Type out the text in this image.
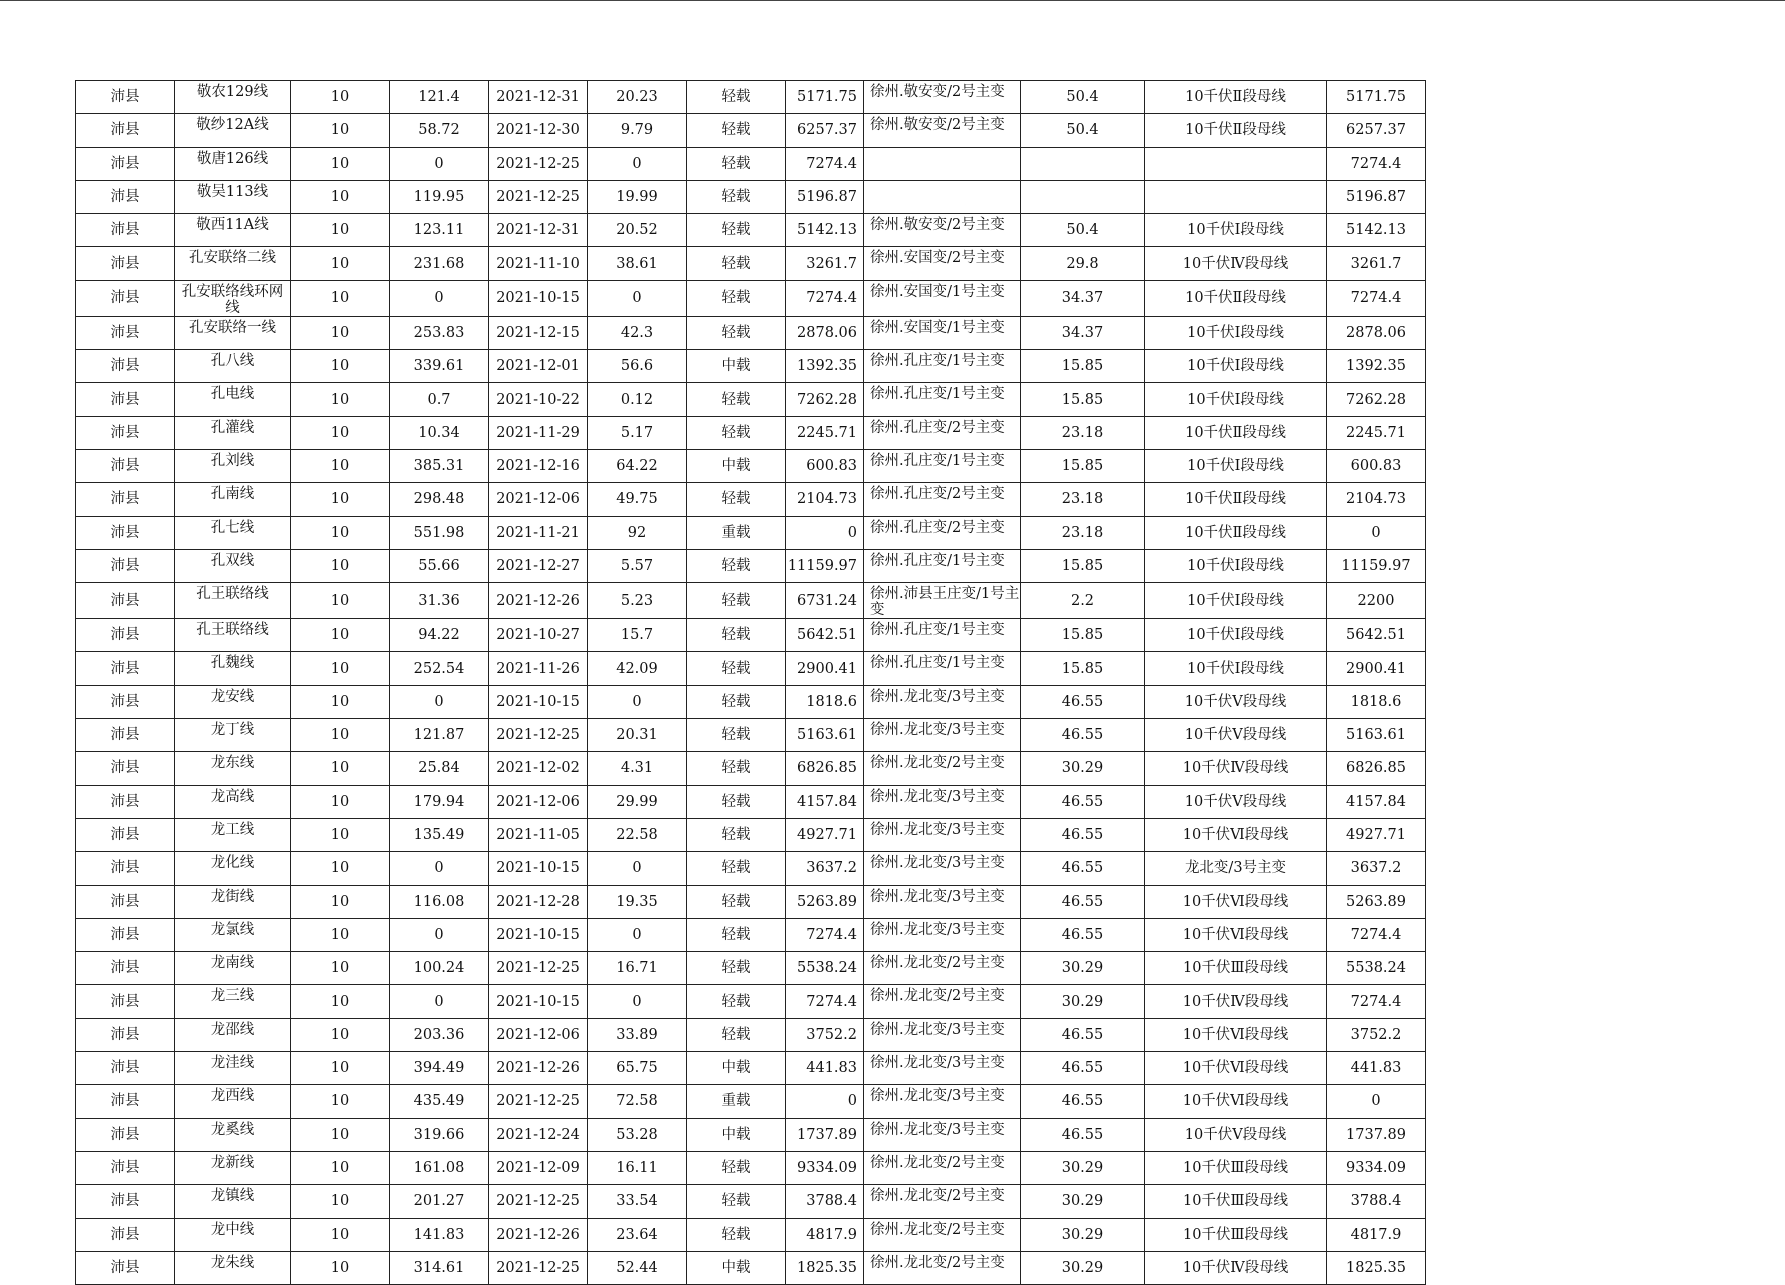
沛县	敬农129线	10	121.4	2021-12-31	20.23	轻载	5171.75	徐州.敬安变/2号主变	50.4	10千伏Ⅱ段母线	5171.75
沛县	敬纱12A线	10	58.72	2021-12-30	9.79	轻载	6257.37	徐州.敬安变/2号主变	50.4	10千伏Ⅱ段母线	6257.37
沛县	敬唐126线	10	0	2021-12-25	0	轻载	7274.4				7274.4
沛县	敬吴113线	10	119.95	2021-12-25	19.99	轻载	5196.87				5196.87
沛县	敬西11A线	10	123.11	2021-12-31	20.52	轻载	5142.13	徐州.敬安变/2号主变	50.4	10千伏Ⅰ段母线	5142.13
沛县	孔安联络二线	10	231.68	2021-11-10	38.61	轻载	3261.7	徐州.安国变/2号主变	29.8	10千伏Ⅳ段母线	3261.7
沛县	孔安联络线环网线	10	0	2021-10-15	0	轻载	7274.4	徐州.安国变/1号主变	34.37	10千伏Ⅱ段母线	7274.4
沛县	孔安联络一线	10	253.83	2021-12-15	42.3	轻载	2878.06	徐州.安国变/1号主变	34.37	10千伏Ⅰ段母线	2878.06
沛县	孔八线	10	339.61	2021-12-01	56.6	中载	1392.35	徐州.孔庄变/1号主变	15.85	10千伏Ⅰ段母线	1392.35
沛县	孔电线	10	0.7	2021-10-22	0.12	轻载	7262.28	徐州.孔庄变/1号主变	15.85	10千伏Ⅰ段母线	7262.28
沛县	孔灌线	10	10.34	2021-11-29	5.17	轻载	2245.71	徐州.孔庄变/2号主变	23.18	10千伏Ⅱ段母线	2245.71
沛县	孔刘线	10	385.31	2021-12-16	64.22	中载	600.83	徐州.孔庄变/1号主变	15.85	10千伏Ⅰ段母线	600.83
沛县	孔南线	10	298.48	2021-12-06	49.75	轻载	2104.73	徐州.孔庄变/2号主变	23.18	10千伏Ⅱ段母线	2104.73
沛县	孔七线	10	551.98	2021-11-21	92	重载	0	徐州.孔庄变/2号主变	23.18	10千伏Ⅱ段母线	0
沛县	孔双线	10	55.66	2021-12-27	5.57	轻载	11159.97	徐州.孔庄变/1号主变	15.85	10千伏Ⅰ段母线	11159.97
沛县	孔王联络线	10	31.36	2021-12-26	5.23	轻载	6731.24	徐州.沛县王庄变/1号主变	2.2	10千伏Ⅰ段母线	2200
沛县	孔王联络线	10	94.22	2021-10-27	15.7	轻载	5642.51	徐州.孔庄变/1号主变	15.85	10千伏Ⅰ段母线	5642.51
沛县	孔魏线	10	252.54	2021-11-26	42.09	轻载	2900.41	徐州.孔庄变/1号主变	15.85	10千伏Ⅰ段母线	2900.41
沛县	龙安线	10	0	2021-10-15	0	轻载	1818.6	徐州.龙北变/3号主变	46.55	10千伏Ⅴ段母线	1818.6
沛县	龙丁线	10	121.87	2021-12-25	20.31	轻载	5163.61	徐州.龙北变/3号主变	46.55	10千伏Ⅴ段母线	5163.61
沛县	龙东线	10	25.84	2021-12-02	4.31	轻载	6826.85	徐州.龙北变/2号主变	30.29	10千伏Ⅳ段母线	6826.85
沛县	龙高线	10	179.94	2021-12-06	29.99	轻载	4157.84	徐州.龙北变/3号主变	46.55	10千伏Ⅴ段母线	4157.84
沛县	龙工线	10	135.49	2021-11-05	22.58	轻载	4927.71	徐州.龙北变/3号主变	46.55	10千伏Ⅵ段母线	4927.71
沛县	龙化线	10	0	2021-10-15	0	轻载	3637.2	徐州.龙北变/3号主变	46.55	龙北变/3号主变	3637.2
沛县	龙街线	10	116.08	2021-12-28	19.35	轻载	5263.89	徐州.龙北变/3号主变	46.55	10千伏Ⅵ段母线	5263.89
沛县	龙氯线	10	0	2021-10-15	0	轻载	7274.4	徐州.龙北变/3号主变	46.55	10千伏Ⅵ段母线	7274.4
沛县	龙南线	10	100.24	2021-12-25	16.71	轻载	5538.24	徐州.龙北变/2号主变	30.29	10千伏Ⅲ段母线	5538.24
沛县	龙三线	10	0	2021-10-15	0	轻载	7274.4	徐州.龙北变/2号主变	30.29	10千伏Ⅳ段母线	7274.4
沛县	龙邵线	10	203.36	2021-12-06	33.89	轻载	3752.2	徐州.龙北变/3号主变	46.55	10千伏Ⅵ段母线	3752.2
沛县	龙洼线	10	394.49	2021-12-26	65.75	中载	441.83	徐州.龙北变/3号主变	46.55	10千伏Ⅵ段母线	441.83
沛县	龙西线	10	435.49	2021-12-25	72.58	重载	0	徐州.龙北变/3号主变	46.55	10千伏Ⅵ段母线	0
沛县	龙奚线	10	319.66	2021-12-24	53.28	中载	1737.89	徐州.龙北变/3号主变	46.55	10千伏Ⅴ段母线	1737.89
沛县	龙新线	10	161.08	2021-12-09	16.11	轻载	9334.09	徐州.龙北变/2号主变	30.29	10千伏Ⅲ段母线	9334.09
沛县	龙镇线	10	201.27	2021-12-25	33.54	轻载	3788.4	徐州.龙北变/2号主变	30.29	10千伏Ⅲ段母线	3788.4
沛县	龙中线	10	141.83	2021-12-26	23.64	轻载	4817.9	徐州.龙北变/2号主变	30.29	10千伏Ⅲ段母线	4817.9
沛县	龙朱线	10	314.61	2021-12-25	52.44	中载	1825.35	徐州.龙北变/2号主变	30.29	10千伏Ⅳ段母线	1825.35
